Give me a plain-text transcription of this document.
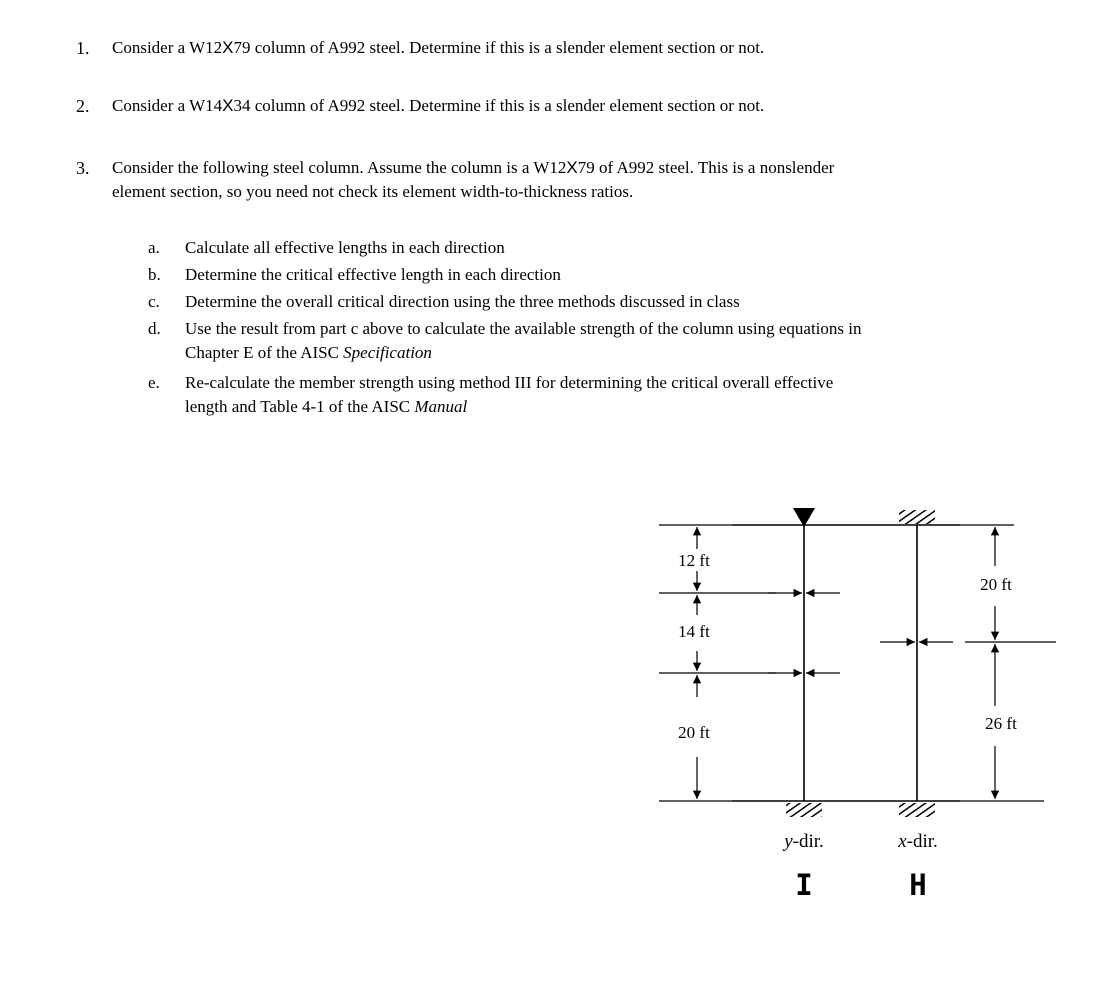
1. Consider a W12X79 column of A992 steel. Determine if this is a slender element section or not.
2. Consider a W14X34 column of A992 steel. Determine if this is a slender element section or not.
3. Consider the following steel column. Assume the column is a W12X79 of A992 steel. This is a nonslender
element section, so you need not check its element width-to-thickness ratios.
a. Calculate all effective lengths in each direction
b. Determine the critical effective length in each direction
c. Determine the overall critical direction using the three methods discussed in class
d. Use the result from part c above to calculate the available strength of the column using equations in
Chapter E of the AISC Specification
e. Re-calculate the member strength using method III for determining the critical overall effective
length and Table 4-1 of the AISC Manual
12 ft
14 ft
20 ft
20 ft
26 ft
y-dir.	x-dir.
I	H
